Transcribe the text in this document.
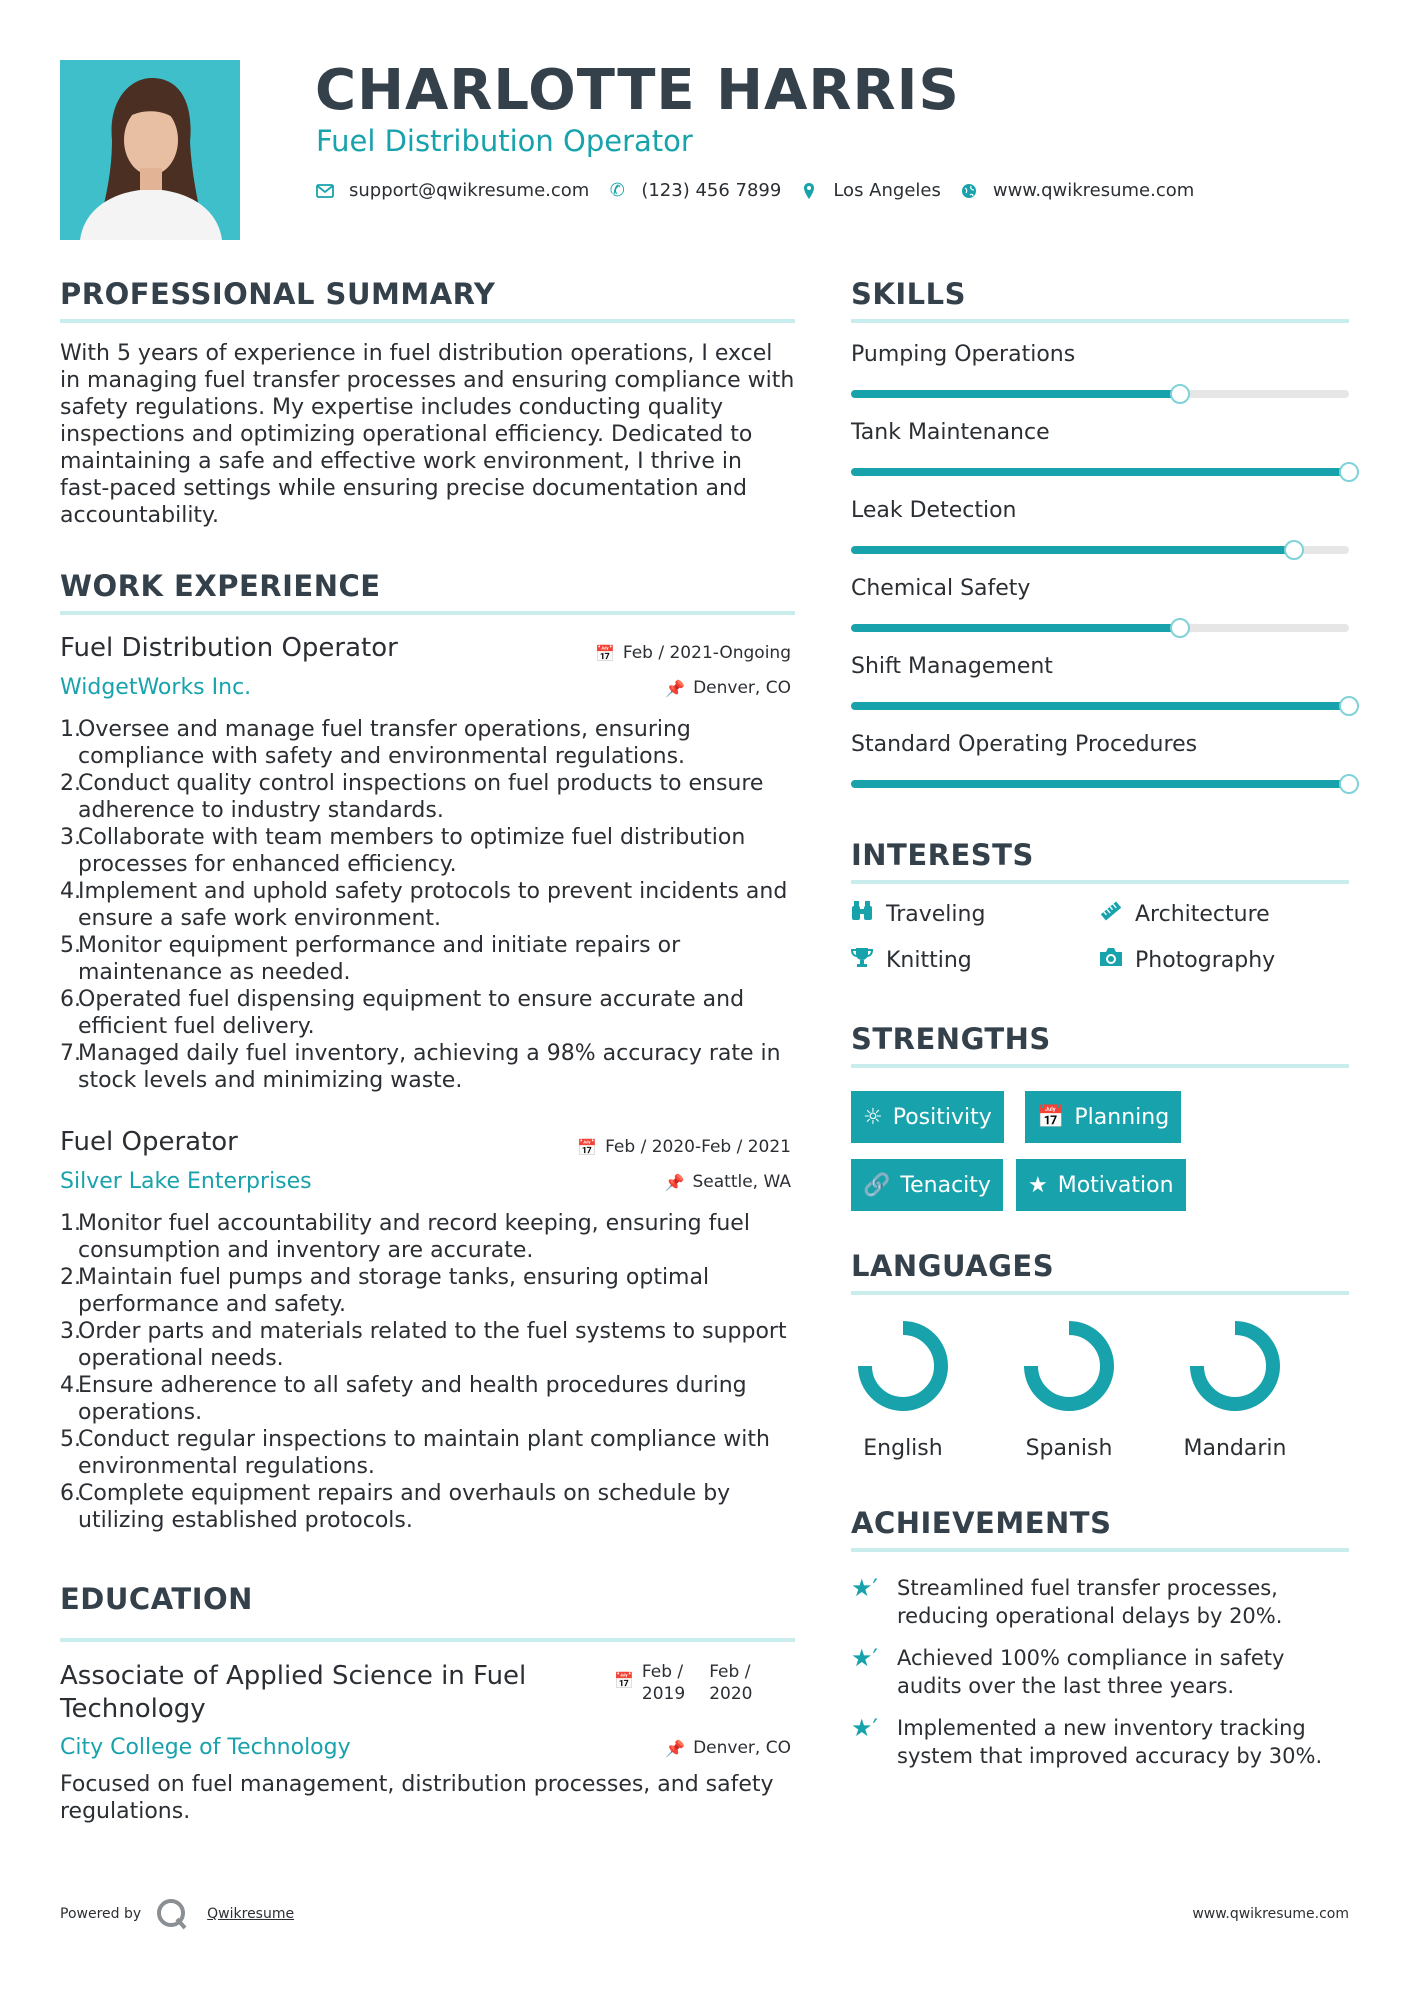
CHARLOTTE HARRIS
Fuel Distribution Operator
support@qwikresume.com ✆ (123) 456 7899	Los Angeles	www.qwikresume.com
PROFESSIONAL SUMMARY
With 5 years of experience in fuel distribution operations, I excel in managing fuel transfer processes and ensuring compliance with safety regulations. My expertise includes conducting quality inspections and optimizing operational efficiency. Dedicated to maintaining a safe and effective work environment, I thrive in fast-paced settings while ensuring precise documentation and accountability.
WORK EXPERIENCE
Fuel Distribution Operator
WidgetWorks Inc.
📅 Feb / 2021-Ongoing
📌 Denver, CO
1.
Oversee and manage fuel transfer operations, ensuring compliance with safety and environmental regulations.
2.
Conduct quality control inspections on fuel products to ensure adherence to industry standards.
3.
Collaborate with team members to optimize fuel distribution processes for enhanced efficiency.
4.
Implement and uphold safety protocols to prevent incidents and ensure a safe work environment.
5.
Monitor equipment performance and initiate repairs or maintenance as needed.
6.
Operated fuel dispensing equipment to ensure accurate and efficient fuel delivery.
7.
Managed daily fuel inventory, achieving a 98% accuracy rate in stock levels and minimizing waste.
Fuel Operator
Silver Lake Enterprises
📅 Feb / 2020-Feb / 2021
📌 Seattle, WA
1.
Monitor fuel accountability and record keeping, ensuring fuel consumption and inventory are accurate.
2.
Maintain fuel pumps and storage tanks, ensuring optimal performance and safety.
3.
Order parts and materials related to the fuel systems to support operational needs.
4.
Ensure adherence to all safety and health procedures during operations.
5.
Conduct regular inspections to maintain plant compliance with environmental regulations.
6.
Complete equipment repairs and overhauls on schedule by utilizing established protocols.
EDUCATION
Associate of Applied Science in Fuel Technology
📅 Feb /
2019
Feb /
2020
City College of Technology	📌 Denver, CO
Focused on fuel management, distribution processes, and safety regulations.
SKILLS
Pumping Operations
Tank Maintenance
Leak Detection
Chemical Safety
Shift Management
Standard Operating Procedures
INTERESTS
Traveling	Architecture
Knitting	Photography
STRENGTHS
☼ Positivity 📅 Planning
🔗 Tenacity ★ Motivation
LANGUAGES
English	Spanish	Mandarin
ACHIEVEMENTS
★′ Streamlined fuel transfer processes, reducing operational delays by 20%.
★′ Achieved 100% compliance in safety audits over the last three years.
★′ Implemented a new inventory tracking system that improved accuracy by 30%.
Powered by	Qwikresume	www.qwikresume.com
